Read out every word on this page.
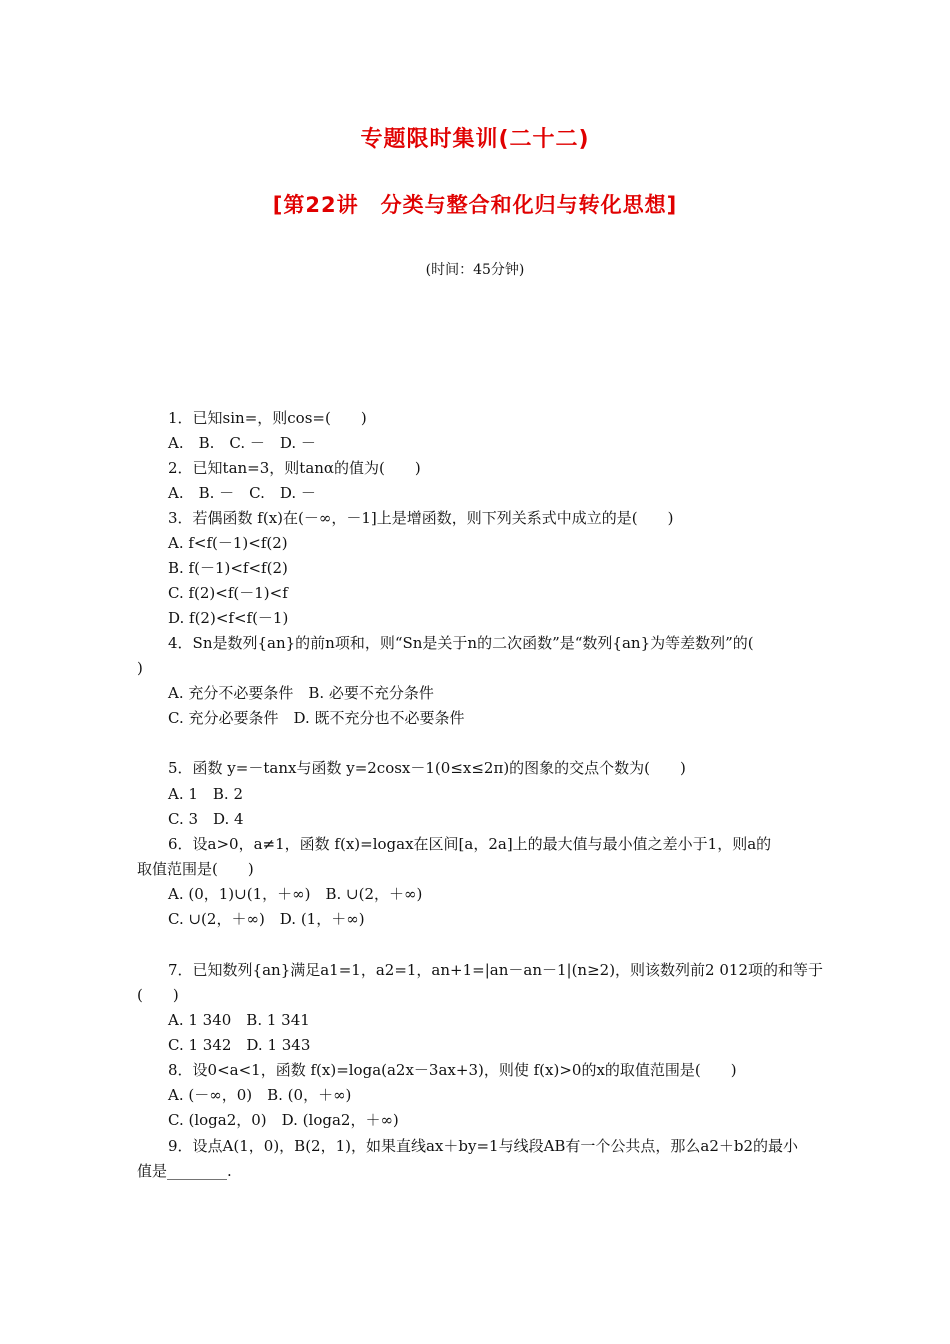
专题限时集训(二十二)
[第22讲　分类与整合和化归与转化思想]
(时间：45分钟)
1．已知sin=，则cos=(　　)
A.　B.　C. －　D. －
2．已知tan=3，则tanα的值为(　　)
A.　B. －　C.　D. －
3．若偶函数 f(x)在(－∞，－1]上是增函数，则下列关系式中成立的是(　　)
A. f<f(－1)<f(2)
B. f(－1)<f<f(2)
C. f(2)<f(－1)<f
D. f(2)<f<f(－1)
4．Sn是数列{an}的前n项和，则“Sn是关于n的二次函数”是“数列{an}为等差数列”的(
)
A. 充分不必要条件　B. 必要不充分条件
C. 充分必要条件　D. 既不充分也不必要条件
5．函数 y=－tanx与函数 y=2cosx－1(0≤x≤2π)的图象的交点个数为(　　)
A. 1　B. 2
C. 3　D. 4
6．设a>0，a≠1，函数 f(x)=logax在区间[a，2a]上的最大值与最小值之差小于1，则a的
取值范围是(　　)
A. (0，1)∪(1，＋∞)　B. ∪(2，＋∞)
C. ∪(2，＋∞)　D. (1，＋∞)
7．已知数列{an}满足a1=1，a2=1，an+1=|an－an－1|(n≥2)，则该数列前2 012项的和等于
(　　)
A. 1 340　B. 1 341
C. 1 342　D. 1 343
8．设0<a<1，函数 f(x)=loga(a2x－3ax+3)，则使 f(x)>0的x的取值范围是(　　)
A. (－∞，0)　B. (0，＋∞)
C. (loga2，0)　D. (loga2，＋∞)
9．设点A(1，0)，B(2，1)，如果直线ax＋by=1与线段AB有一个公共点，那么a2＋b2的最小
值是________.
